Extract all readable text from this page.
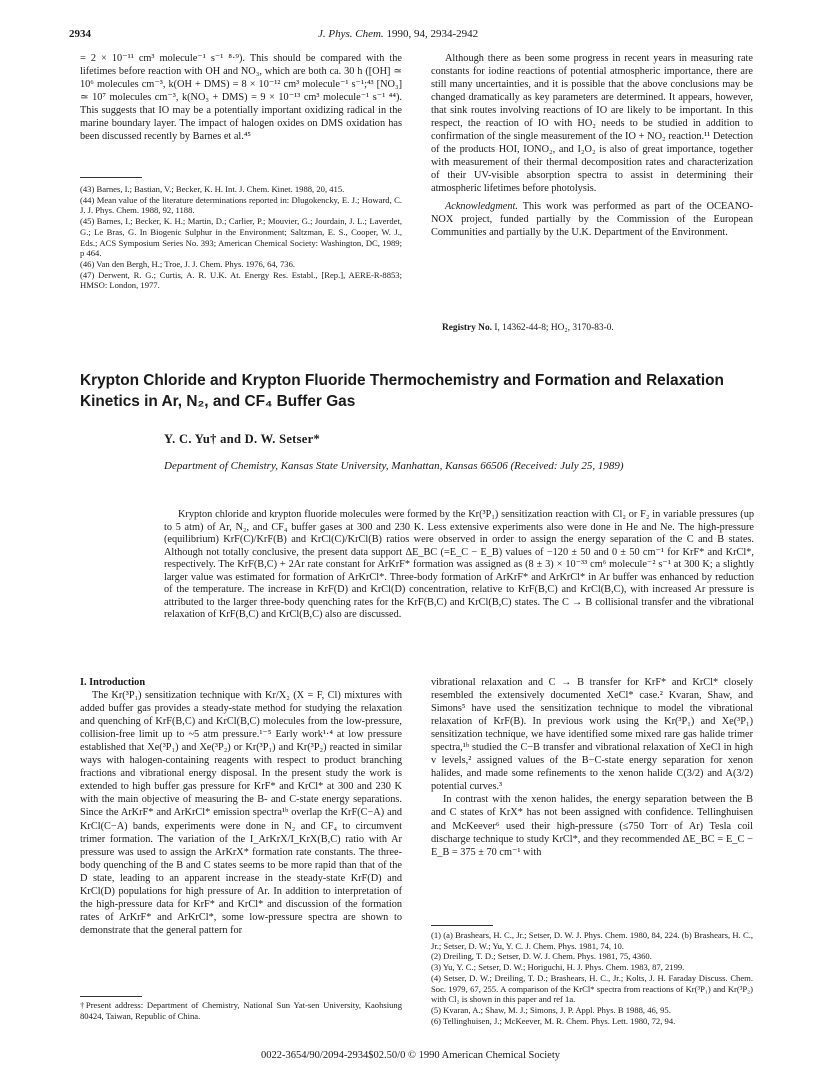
2934	J. Phys. Chem. 1990, 94, 2934-2942

= 2 × 10⁻¹¹ cm³ molecule⁻¹ s⁻¹ ⁸·⁹). This should be compared with the lifetimes before reaction with OH and NO₃, which are both ca. 30 h ([OH] ≃ 10⁶ molecules cm⁻³, k(OH + DMS) = 8 × 10⁻¹² cm³ molecule⁻¹ s⁻¹;⁴³ [NO₃] ≃ 10⁷ molecules cm⁻³, k(NO₃ + DMS) = 9 × 10⁻¹³ cm³ molecule⁻¹ s⁻¹ ⁴⁴). This suggests that IO may be a potentially important oxidizing radical in the marine boundary layer. The impact of halogen oxides on DMS oxidation has been discussed recently by Barnes et al.⁴⁵

(43) Barnes, I.; Bastian, V.; Becker, K. H. Int. J. Chem. Kinet. 1988, 20, 415.

(44) Mean value of the literature determinations reported in: Dlugokencky, E. J.; Howard, C. J. J. Phys. Chem. 1988, 92, 1188.

(45) Barnes, I.; Becker, K. H.; Martin, D.; Carlier, P.; Mouvier, G.; Jourdain, J. L.; Laverdet, G.; Le Bras, G. In Biogenic Sulphur in the Environment; Saltzman, E. S., Cooper, W. J., Eds.; ACS Symposium Series No. 393; American Chemical Society: Washington, DC, 1989; p 464.

(46) Van den Bergh, H.; Troe, J. J. Chem. Phys. 1976, 64, 736.

(47) Derwent, R. G.; Curtis, A. R. U.K. At. Energy Res. Establ., [Rep.], AERE-R-8853; HMSO: London, 1977.

Although there as been some progress in recent years in measuring rate constants for iodine reactions of potential atmospheric importance, there are still many uncertainties, and it is possible that the above conclusions may be changed dramatically as key parameters are determined. It appears, however, that sink routes involving reactions of IO are likely to be important. In this respect, the reaction of IO with HO₂ needs to be studied in addition to confirmation of the single measurement of the IO + NO₂ reaction.¹¹ Detection of the products HOI, IONO₂, and I₂O₂ is also of great importance, together with measurement of their thermal decomposition rates and characterization of their UV-visible absorption spectra to assist in determining their atmospheric lifetimes before photolysis.

Acknowledgment. This work was performed as part of the OCEANO-NOX project, funded partially by the Commission of the European Communities and partially by the U.K. Department of the Environment.

Registry No. I, 14362-44-8; HO₂, 3170-83-0.
Krypton Chloride and Krypton Fluoride Thermochemistry and Formation and Relaxation
Kinetics in Ar, N₂, and CF₄ Buffer Gas
Y. C. Yu† and D. W. Setser*
Department of Chemistry, Kansas State University, Manhattan, Kansas 66506 (Received: July 25, 1989)

Krypton chloride and krypton fluoride molecules were formed by the Kr(³P₁) sensitization reaction with Cl₂ or F₂ in variable pressures (up to 5 atm) of Ar, N₂, and CF₄ buffer gases at 300 and 230 K. Less extensive experiments also were done in He and Ne. The high-pressure (equilibrium) KrF(C)/KrF(B) and KrCl(C)/KrCl(B) ratios were observed in order to assign the energy separation of the C and B states. Although not totally conclusive, the present data support ΔE_BC (=E_C − E_B) values of −120 ± 50 and 0 ± 50 cm⁻¹ for KrF* and KrCl*, respectively. The KrF(B,C) + 2Ar rate constant for ArKrF* formation was assigned as (8 ± 3) × 10⁻³³ cm⁶ molecule⁻² s⁻¹ at 300 K; a slightly larger value was estimated for formation of ArKrCl*. Three-body formation of ArKrF* and ArKrCl* in Ar buffer was enhanced by reduction of the temperature. The increase in KrF(D) and KrCl(D) concentration, relative to KrF(B,C) and KrCl(B,C), with increased Ar pressure is attributed to the larger three-body quenching rates for the KrF(B,C) and KrCl(B,C) states. The C → B collisional transfer and the vibrational relaxation of KrF(B,C) and KrCl(B,C) also are discussed.

I. Introduction

The Kr(³P₁) sensitization technique with Kr/X₂ (X = F, Cl) mixtures with added buffer gas provides a steady-state method for studying the relaxation and quenching of KrF(B,C) and KrCl(B,C) molecules from the low-pressure, collision-free limit up to ~5 atm pressure.¹⁻⁵ Early work¹·⁴ at low pressure established that Xe(³P₁) and Xe(³P₂) or Kr(³P₁) and Kr(³P₂) reacted in similar ways with halogen-containing reagents with respect to product branching fractions and vibrational energy disposal. In the present study the work is extended to high buffer gas pressure for KrF* and KrCl* at 300 and 230 K with the main objective of measuring the B- and C-state energy separations. Since the ArKrF* and ArKrCl* emission spectra¹ᵇ overlap the KrF(C−A) and KrCl(C−A) bands, experiments were done in N₂ and CF₄ to circumvent trimer formation. The variation of the I_ArKrX/I_KrX(B,C) ratio with Ar pressure was used to assign the ArKrX* formation rate constants. The three-body quenching of the B and C states seems to be more rapid than that of the D state, leading to an apparent increase in the steady-state KrF(D) and KrCl(D) populations for high pressure of Ar. In addition to interpretation of the high-pressure data for KrF* and KrCl* and discussion of the formation rates of ArKrF* and ArKrCl*, some low-pressure spectra are shown to demonstrate that the general pattern for

†Present address: Department of Chemistry, National Sun Yat-sen University, Kaohsiung 80424, Taiwan, Republic of China.

vibrational relaxation and C → B transfer for KrF* and KrCl* closely resembled the extensively documented XeCl* case.² Kvaran, Shaw, and Simons⁵ have used the sensitization technique to model the vibrational relaxation of KrF(B). In previous work using the Kr(³P₁) and Xe(³P₁) sensitization technique, we have identified some mixed rare gas halide trimer spectra,¹ᵇ studied the C−B transfer and vibrational relaxation of XeCl in high v levels,² assigned values of the B−C-state energy separation for xenon halides, and made some refinements to the xenon halide C(3/2) and A(3/2) potential curves.³

In contrast with the xenon halides, the energy separation between the B and C states of KrX* has not been assigned with confidence. Tellinghuisen and McKeever⁶ used their high-pressure (≤750 Torr of Ar) Tesla coil discharge technique to study KrCl*, and they recommended ΔE_BC = E_C − E_B = 375 ± 70 cm⁻¹ with

(1) (a) Brashears, H. C., Jr.; Setser, D. W. J. Phys. Chem. 1980, 84, 224. (b) Brashears, H. C., Jr.; Setser, D. W.; Yu, Y. C. J. Chem. Phys. 1981, 74, 10.

(2) Dreiling, T. D.; Setser, D. W. J. Chem. Phys. 1981, 75, 4360.

(3) Yu, Y. C.; Setser, D. W.; Horiguchi, H. J. Phys. Chem. 1983, 87, 2199.

(4) Setser, D. W.; Dreiling, T. D.; Brashears, H. C., Jr.; Kolts, J. H. Faraday Discuss. Chem. Soc. 1979, 67, 255. A comparison of the KrCl* spectra from reactions of Kr(³P₁) and Kr(³P₂) with Cl₂ is shown in this paper and ref 1a.

(5) Kvaran, A.; Shaw, M. J.; Simons, J. P. Appl. Phys. B 1988, 46, 95.

(6) Tellinghuisen, J.; McKeever, M. R. Chem. Phys. Lett. 1980, 72, 94.

0022-3654/90/2094-2934$02.50/0 © 1990 American Chemical Society
